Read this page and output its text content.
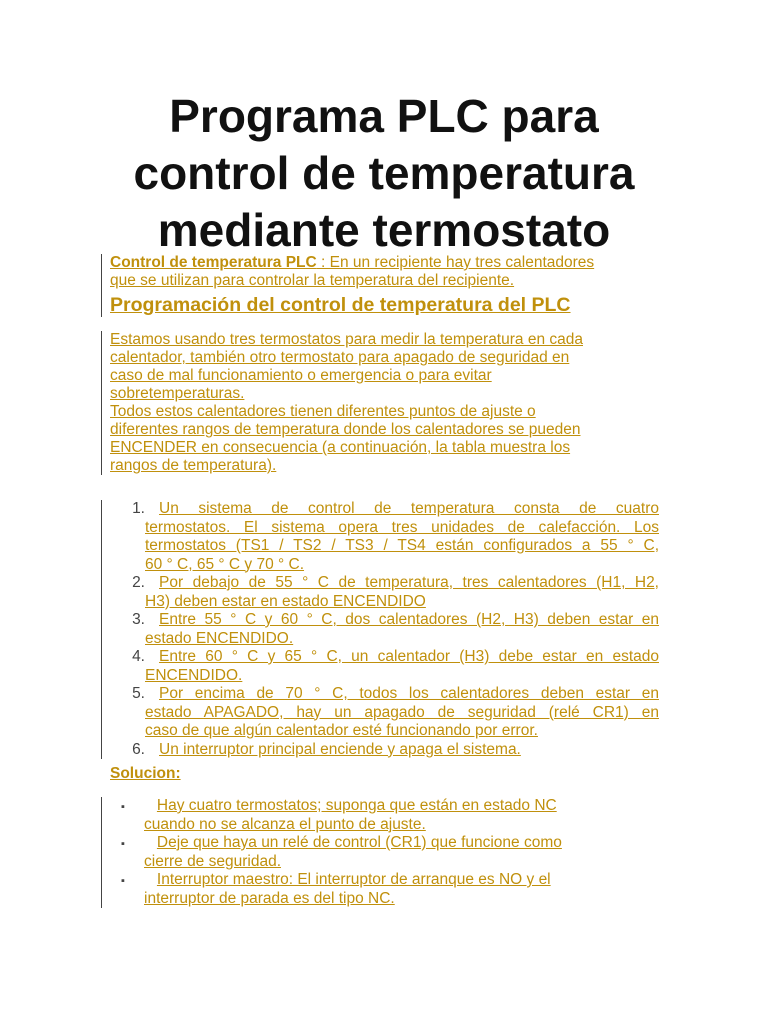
Programa PLC para
control de temperatura
mediante termostato
Control de temperatura PLC : En un recipiente hay tres calentadores
que se utilizan para controlar la temperatura del recipiente.
Programación del control de temperatura del PLC
Estamos usando tres termostatos para medir la temperatura en cada
calentador, también otro termostato para apagado de seguridad en
caso de mal funcionamiento o emergencia o para evitar
sobretemperaturas.
Todos estos calentadores tienen diferentes puntos de ajuste o
diferentes rangos de temperatura donde los calentadores se pueden
ENCENDER en consecuencia (a continuación, la tabla muestra los
rangos de temperatura).
1. Un sistema de control de temperatura consta de cuatro
termostatos. El sistema opera tres unidades de calefacción. Los
termostatos (TS1 / TS2 / TS3 / TS4 están configurados a 55 ° C,
60 ° C, 65 ° C y 70 ° C.
2. Por debajo de 55 ° C de temperatura, tres calentadores (H1, H2,
H3) deben estar en estado ENCENDIDO
3. Entre 55 ° C y 60 ° C, dos calentadores (H2, H3) deben estar en
estado ENCENDIDO.
4. Entre 60 ° C y 65 ° C, un calentador (H3) debe estar en estado
ENCENDIDO.
5. Por encima de 70 ° C, todos los calentadores deben estar en
estado APAGADO, hay un apagado de seguridad (relé CR1) en
caso de que algún calentador esté funcionando por error.
6. Un interruptor principal enciende y apaga el sistema.
Solucion:
▪	Hay cuatro termostatos; suponga que están en estado NC
cuando no se alcanza el punto de ajuste.
▪	Deje que haya un relé de control (CR1) que funcione como
cierre de seguridad.
▪	Interruptor maestro: El interruptor de arranque es NO y el
interruptor de parada es del tipo NC.
